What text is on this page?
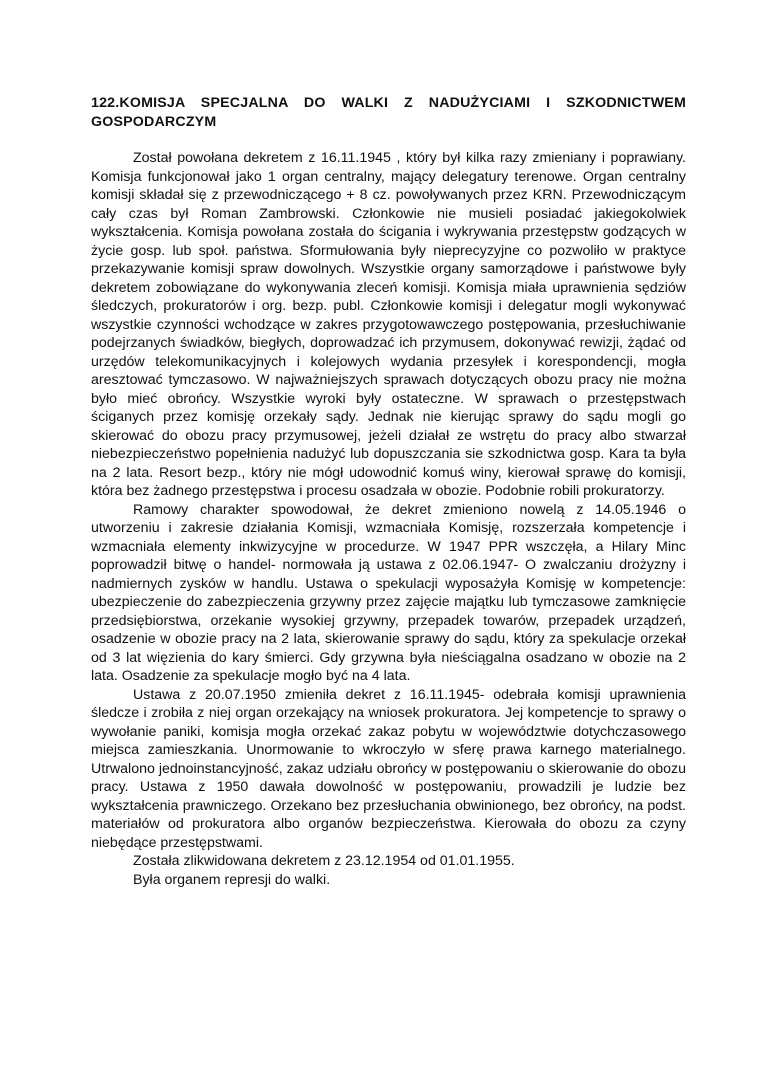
122.KOMISJA SPECJALNA DO WALKI Z NADUŻYCIAMI I SZKODNICTWEM GOSPODARCZYM

Został powołana dekretem z 16.11.1945 , który był kilka razy zmieniany i poprawiany. Komisja funkcjonował jako 1 organ centralny, mający delegatury terenowe. Organ centralny komisji składał się z przewodniczącego + 8 cz. powoływanych przez KRN. Przewodniczącym cały czas był Roman Zambrowski. Członkowie nie musieli posiadać jakiegokolwiek wykształcenia. Komisja powołana została do ścigania i wykrywania przestępstw godzących w życie gosp. lub społ. państwa. Sformułowania były nieprecyzyjne co pozwoliło w praktyce przekazywanie komisji spraw dowolnych. Wszystkie organy samorządowe i państwowe były dekretem zobowiązane do wykonywania zleceń komisji. Komisja miała uprawnienia sędziów śledczych, prokuratorów i org. bezp. publ. Członkowie komisji i delegatur mogli wykonywać wszystkie czynności wchodzące w zakres przygotowawczego postępowania, przesłuchiwanie podejrzanych świadków, biegłych, doprowadzać ich przymusem, dokonywać rewizji, żądać od urzędów telekomunikacyjnych i kolejowych wydania przesyłek i korespondencji, mogła aresztować tymczasowo. W najważniejszych sprawach dotyczących obozu pracy nie można było mieć obrońcy. Wszystkie wyroki były ostateczne. W sprawach o przestępstwach ściganych przez komisję orzekały sądy. Jednak nie kierując sprawy do sądu mogli go skierować do obozu pracy przymusowej, jeżeli działał ze wstrętu do pracy albo stwarzał niebezpieczeństwo popełnienia nadużyć lub dopuszczania sie szkodnictwa gosp. Kara ta była na 2 lata. Resort bezp., który nie mógł udowodnić komuś winy, kierował sprawę do komisji, która bez żadnego przestępstwa i procesu osadzała w obozie. Podobnie robili prokuratorzy.

Ramowy charakter spowodował, że dekret zmieniono nowelą z 14.05.1946 o utworzeniu i zakresie działania Komisji, wzmacniała Komisję, rozszerzała kompetencje i wzmacniała elementy inkwizycyjne w procedurze. W 1947 PPR wszczęła, a Hilary Minc poprowadził bitwę o handel- normowała ją ustawa z 02.06.1947- O zwalczaniu drożyzny i nadmiernych zysków w handlu. Ustawa o spekulacji wyposażyła Komisję w kompetencje: ubezpieczenie do zabezpieczenia grzywny przez zajęcie majątku lub tymczasowe zamknięcie przedsiębiorstwa, orzekanie wysokiej grzywny, przepadek towarów, przepadek urządzeń, osadzenie w obozie pracy na 2 lata, skierowanie sprawy do sądu, który za spekulacje orzekał od 3 lat więzienia do kary śmierci. Gdy grzywna była nieściągalna osadzano w obozie na 2 lata. Osadzenie za spekulacje mogło być na 4 lata.

Ustawa z 20.07.1950 zmieniła dekret z 16.11.1945- odebrała komisji uprawnienia śledcze i zrobiła z niej organ orzekający na wniosek prokuratora. Jej kompetencje to sprawy o wywołanie paniki, komisja mogła orzekać zakaz pobytu w województwie dotychczasowego miejsca zamieszkania. Unormowanie to wkroczyło w sferę prawa karnego materialnego. Utrwalono jednoinstancyjność, zakaz udziału obrońcy w postępowaniu o skierowanie do obozu pracy. Ustawa z 1950 dawała dowolność w postępowaniu, prowadzili je ludzie bez wykształcenia prawniczego. Orzekano bez przesłuchania obwinionego, bez obrońcy, na podst. materiałów od prokuratora albo organów bezpieczeństwa. Kierowała do obozu za czyny niebędące przestępstwami.

Została zlikwidowana dekretem z 23.12.1954 od 01.01.1955.

Była organem represji do walki.
